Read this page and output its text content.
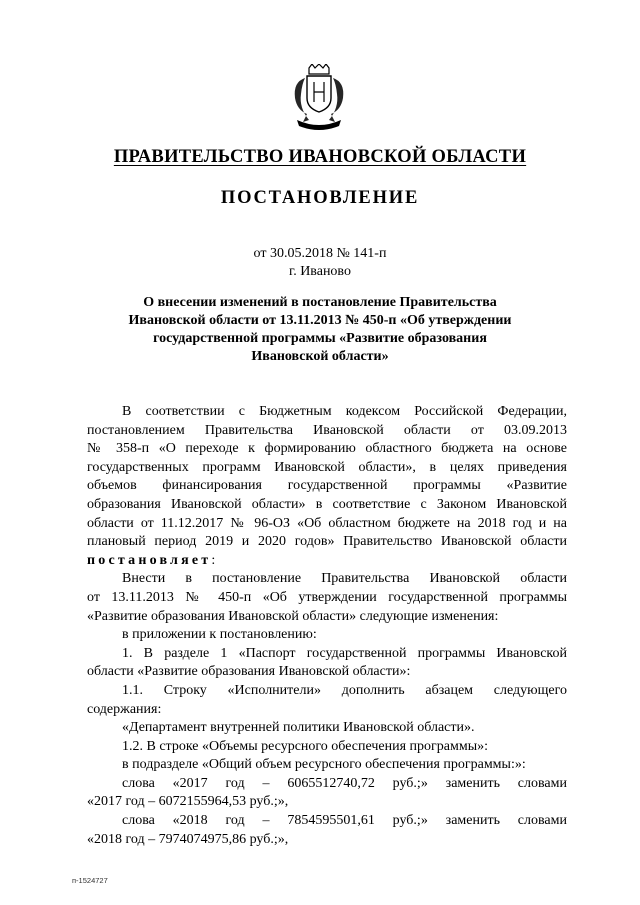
ПРАВИТЕЛЬСТВО ИВАНОВСКОЙ ОБЛАСТИ
ПОСТАНОВЛЕНИЕ
от 30.05.2018 № 141-п
г. Иваново
О внесении изменений в постановление Правительства
Ивановской области от 13.11.2013 № 450-п «Об утверждении
государственной программы «Развитие образования
Ивановской области»
В соответствии с Бюджетным кодексом Российской Федерации,
постановлением Правительства Ивановской области от 03.09.2013
№ 358-п «О переходе к формированию областного бюджета на основе
государственных программ Ивановской области», в целях приведения
объемов финансирования государственной программы «Развитие
образования Ивановской области» в соответствие с Законом Ивановской
области от 11.12.2017 № 96-ОЗ «Об областном бюджете на 2018 год и на
плановый период 2019 и 2020 годов» Правительство Ивановской области
постановляет:
Внести в постановление Правительства Ивановской области
от 13.11.2013 № 450-п «Об утверждении государственной программы
«Развитие образования Ивановской области» следующие изменения:
в приложении к постановлению:
1. В разделе 1 «Паспорт государственной программы Ивановской
области «Развитие образования Ивановской области»:
1.1. Строку «Исполнители» дополнить абзацем следующего
содержания:
«Департамент внутренней политики Ивановской области».
1.2. В строке «Объемы ресурсного обеспечения программы»:
в подразделе «Общий объем ресурсного обеспечения программы:»:
слова «2017 год – 6065512740,72 руб.;» заменить словами
«2017 год – 6072155964,53 руб.;»,
слова «2018 год – 7854595501,61 руб.;» заменить словами
«2018 год – 7974074975,86 руб.;»,
п-1524727
